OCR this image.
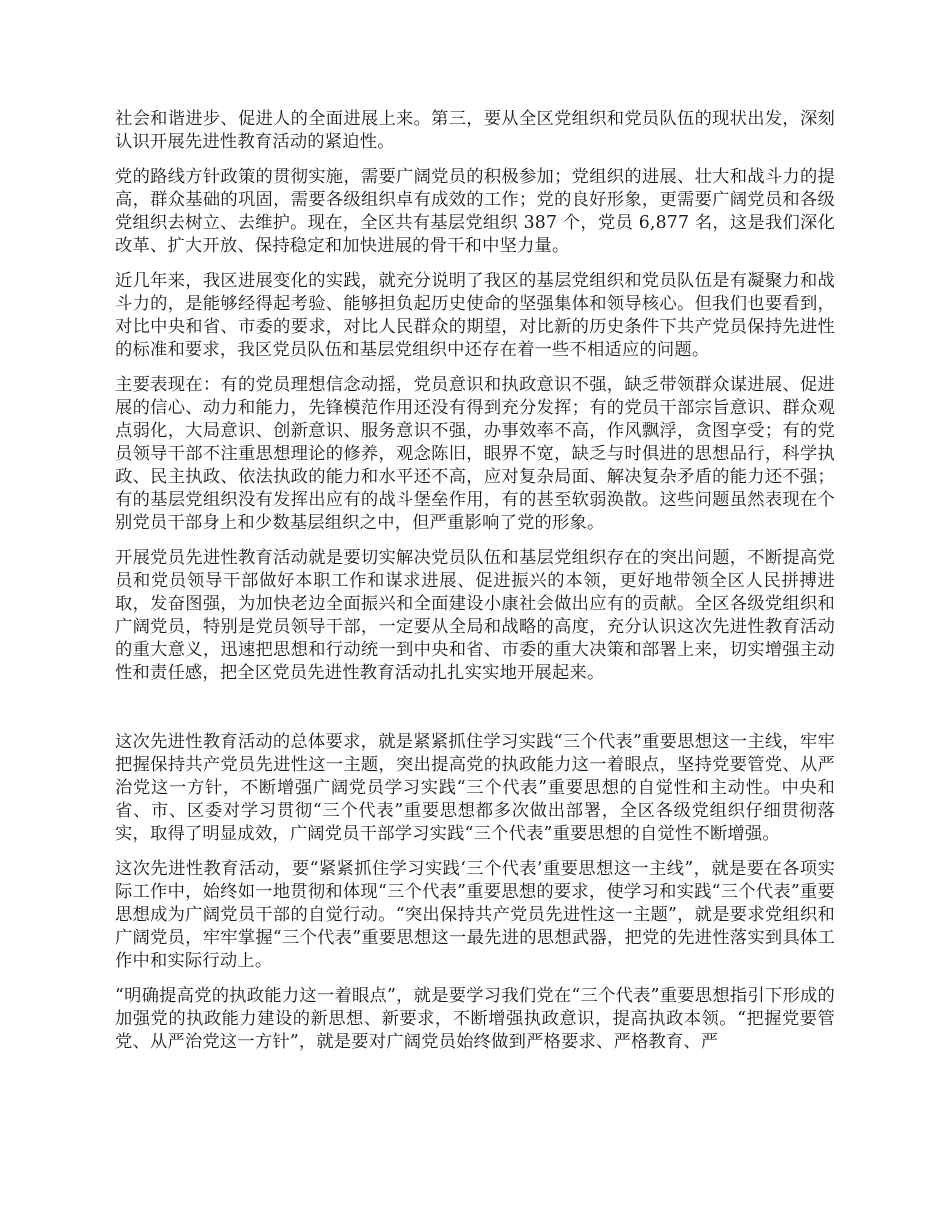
社会和谐进步、促进人的全面进展上来。第三，要从全区党组织和党员队伍的现状出发，深刻认识开展先进性教育活动的紧迫性。

党的路线方针政策的贯彻实施，需要广阔党员的积极参加；党组织的进展、壮大和战斗力的提高，群众基础的巩固，需要各级组织卓有成效的工作；党的良好形象，更需要广阔党员和各级党组织去树立、去维护。现在，全区共有基层党组织 387 个，党员 6,877 名，这是我们深化改革、扩大开放、保持稳定和加快进展的骨干和中坚力量。

近几年来，我区进展变化的实践，就充分说明了我区的基层党组织和党员队伍是有凝聚力和战斗力的，是能够经得起考验、能够担负起历史使命的坚强集体和领导核心。但我们也要看到，对比中央和省、市委的要求，对比人民群众的期望，对比新的历史条件下共产党员保持先进性的标准和要求，我区党员队伍和基层党组织中还存在着一些不相适应的问题。

主要表现在：有的党员理想信念动摇，党员意识和执政意识不强，缺乏带领群众谋进展、促进展的信心、动力和能力，先锋模范作用还没有得到充分发挥；有的党员干部宗旨意识、群众观点弱化，大局意识、创新意识、服务意识不强，办事效率不高，作风飘浮，贪图享受；有的党员领导干部不注重思想理论的修养，观念陈旧，眼界不宽，缺乏与时俱进的思想品行，科学执政、民主执政、依法执政的能力和水平还不高，应对复杂局面、解决复杂矛盾的能力还不强；有的基层党组织没有发挥出应有的战斗堡垒作用，有的甚至软弱涣散。这些问题虽然表现在个别党员干部身上和少数基层组织之中，但严重影响了党的形象。

开展党员先进性教育活动就是要切实解决党员队伍和基层党组织存在的突出问题，不断提高党员和党员领导干部做好本职工作和谋求进展、促进振兴的本领，更好地带领全区人民拼搏进取，发奋图强，为加快老边全面振兴和全面建设小康社会做出应有的贡献。全区各级党组织和广阔党员，特别是党员领导干部，一定要从全局和战略的高度，充分认识这次先进性教育活动的重大意义，迅速把思想和行动统一到中央和省、市委的重大决策和部署上来，切实增强主动性和责任感，把全区党员先进性教育活动扎扎实实地开展起来。

这次先进性教育活动的总体要求，就是紧紧抓住学习实践“三个代表”重要思想这一主线，牢牢把握保持共产党员先进性这一主题，突出提高党的执政能力这一着眼点，坚持党要管党、从严治党这一方针，不断增强广阔党员学习实践“三个代表”重要思想的自觉性和主动性。中央和省、市、区委对学习贯彻“三个代表”重要思想都多次做出部署，全区各级党组织仔细贯彻落实，取得了明显成效，广阔党员干部学习实践“三个代表”重要思想的自觉性不断增强。

这次先进性教育活动，要“紧紧抓住学习实践‘三个代表’重要思想这一主线”，就是要在各项实际工作中，始终如一地贯彻和体现“三个代表”重要思想的要求，使学习和实践“三个代表”重要思想成为广阔党员干部的自觉行动。“突出保持共产党员先进性这一主题”，就是要求党组织和广阔党员，牢牢掌握“三个代表”重要思想这一最先进的思想武器，把党的先进性落实到具体工作中和实际行动上。

“明确提高党的执政能力这一着眼点”，就是要学习我们党在“三个代表”重要思想指引下形成的加强党的执政能力建设的新思想、新要求，不断增强执政意识，提高执政本领。“把握党要管党、从严治党这一方针”，就是要对广阔党员始终做到严格要求、严格教育、严
